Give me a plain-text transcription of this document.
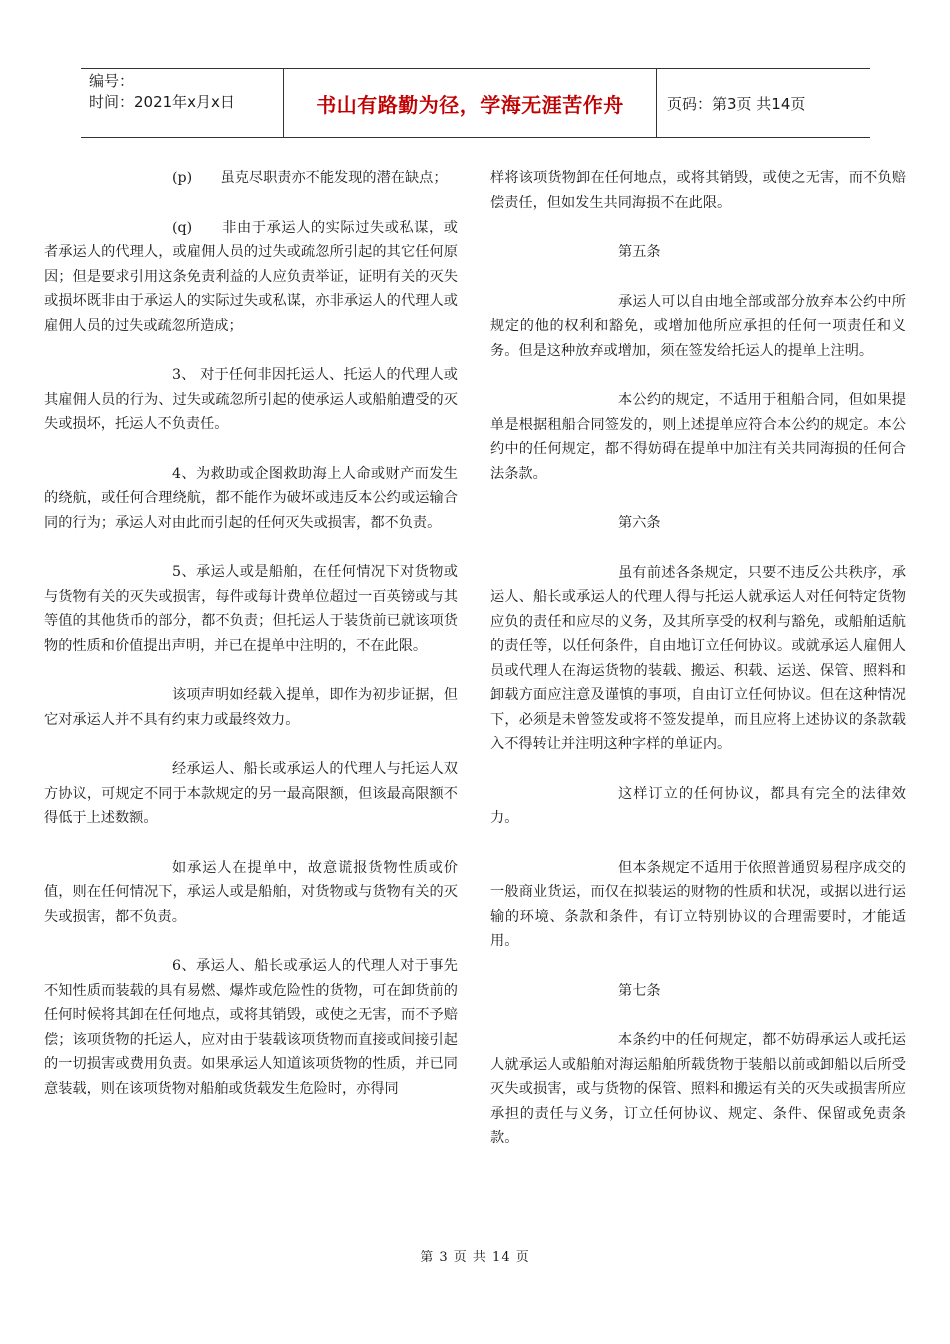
编号：
时间：2021年x月x日	书山有路勤为径，学海无涯苦作舟	页码：第3页 共14页

(p)　　虽克尽职责亦不能发现的潜在缺点；

(q)　　非由于承运人的实际过失或私谋，或者承运人的代理人，或雇佣人员的过失或疏忽所引起的其它任何原因；但是要求引用这条免责利益的人应负责举证，证明有关的灭失或损坏既非由于承运人的实际过失或私谋，亦非承运人的代理人或雇佣人员的过失或疏忽所造成；

3、 对于任何非因托运人、托运人的代理人或其雇佣人员的行为、过失或疏忽所引起的使承运人或船舶遭受的灭失或损坏，托运人不负责任。

4、为救助或企图救助海上人命或财产而发生的绕航，或任何合理绕航，都不能作为破坏或违反本公约或运输合同的行为；承运人对由此而引起的任何灭失或损害，都不负责。

5、承运人或是船舶，在任何情况下对货物或与货物有关的灭失或损害，每件或每计费单位超过一百英镑或与其等值的其他货币的部分，都不负责；但托运人于装货前已就该项货物的性质和价值提出声明，并已在提单中注明的，不在此限。

该项声明如经载入提单，即作为初步证据，但它对承运人并不具有约束力或最终效力。

经承运人、船长或承运人的代理人与托运人双方协议，可规定不同于本款规定的另一最高限额，但该最高限额不得低于上述数额。

如承运人在提单中，故意谎报货物性质或价值，则在任何情况下，承运人或是船舶，对货物或与货物有关的灭失或损害，都不负责。

6、承运人、船长或承运人的代理人对于事先不知性质而装载的具有易燃、爆炸或危险性的货物，可在卸货前的任何时候将其卸在任何地点，或将其销毁，或使之无害，而不予赔偿；该项货物的托运人，应对由于装载该项货物而直接或间接引起的一切损害或费用负责。如果承运人知道该项货物的性质，并已同意装载，则在该项货物对船舶或货载发生危险时，亦得同

样将该项货物卸在任何地点，或将其销毁，或使之无害，而不负赔偿责任，但如发生共同海损不在此限。

第五条

承运人可以自由地全部或部分放弃本公约中所规定的他的权利和豁免，或增加他所应承担的任何一项责任和义务。但是这种放弃或增加，须在签发给托运人的提单上注明。

本公约的规定，不适用于租船合同，但如果提单是根据租船合同签发的，则上述提单应符合本公约的规定。本公约中的任何规定，都不得妨碍在提单中加注有关共同海损的任何合法条款。

第六条

虽有前述各条规定，只要不违反公共秩序，承运人、船长或承运人的代理人得与托运人就承运人对任何特定货物应负的责任和应尽的义务，及其所享受的权利与豁免，或船舶适航的责任等，以任何条件，自由地订立任何协议。或就承运人雇佣人员或代理人在海运货物的装载、搬运、积载、运送、保管、照料和卸载方面应注意及谨慎的事项，自由订立任何协议。但在这种情况下，必须是未曾签发或将不签发提单，而且应将上述协议的条款载入不得转让并注明这种字样的单证内。

这样订立的任何协议，都具有完全的法律效力。

但本条规定不适用于依照普通贸易程序成交的一般商业货运，而仅在拟装运的财物的性质和状况，或据以进行运输的环境、条款和条件，有订立特别协议的合理需要时，才能适用。

第七条

本条约中的任何规定，都不妨碍承运人或托运人就承运人或船舶对海运船舶所载货物于装船以前或卸船以后所受灭失或损害，或与货物的保管、照料和搬运有关的灭失或损害所应承担的责任与义务，订立任何协议、规定、条件、保留或免责条款。

第 3 页 共 14 页
